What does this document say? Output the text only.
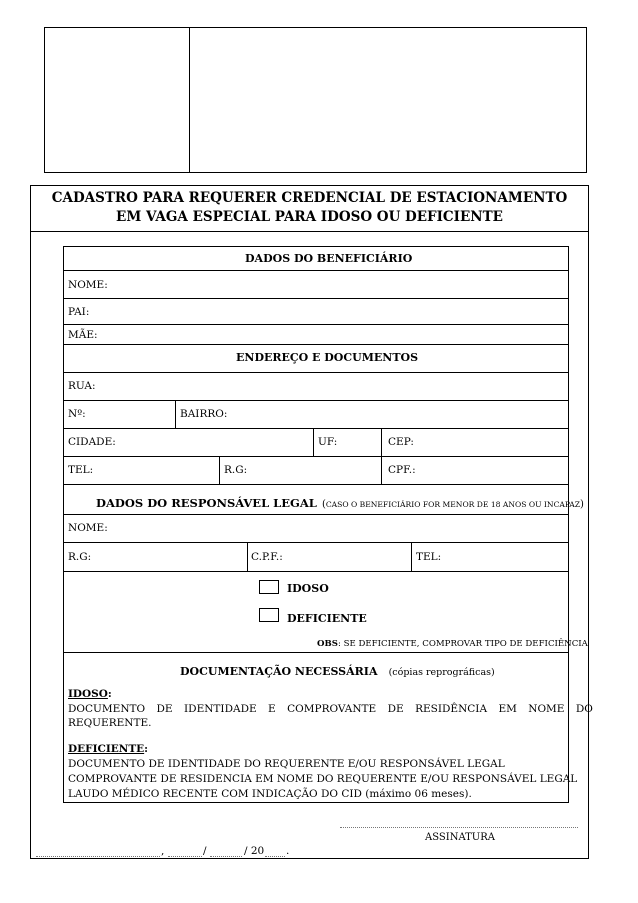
CADASTRO PARA REQUERER CREDENCIAL DE ESTACIONAMENTO
EM VAGA ESPECIAL PARA IDOSO OU DEFICIENTE
DADOS DO BENEFICIÁRIO
NOME:
PAI:
MÃE:
ENDEREÇO E DOCUMENTOS
RUA:
Nº:	BAIRRO:
CIDADE:	UF:	CEP:
TEL:	R.G:	CPF.:
DADOS DO RESPONSÁVEL LEGAL (CASO O BENEFICIÁRIO FOR MENOR DE 18 ANOS OU INCAPAZ)
NOME:
R.G:	C.P.F.:	TEL:
IDOSO
DEFICIENTE
OBS: SE DEFICIENTE, COMPROVAR TIPO DE DEFICIÊNCIA
DOCUMENTAÇÃO NECESSÁRIA (cópias reprográficas)
IDOSO:
DOCUMENTO DE IDENTIDADE E COMPROVANTE DE RESIDÊNCIA EM NOME DO
REQUERENTE.
DEFICIENTE:
DOCUMENTO DE IDENTIDADE DO REQUERENTE E/OU RESPONSÁVEL LEGAL
COMPROVANTE DE RESIDENCIA EM NOME DO REQUERENTE E/OU RESPONSÁVEL LEGAL
LAUDO MÉDICO RECENTE COM INDICAÇÃO DO CID (máximo 06 meses).
ASSINATURA
,	/	/ 20 .
